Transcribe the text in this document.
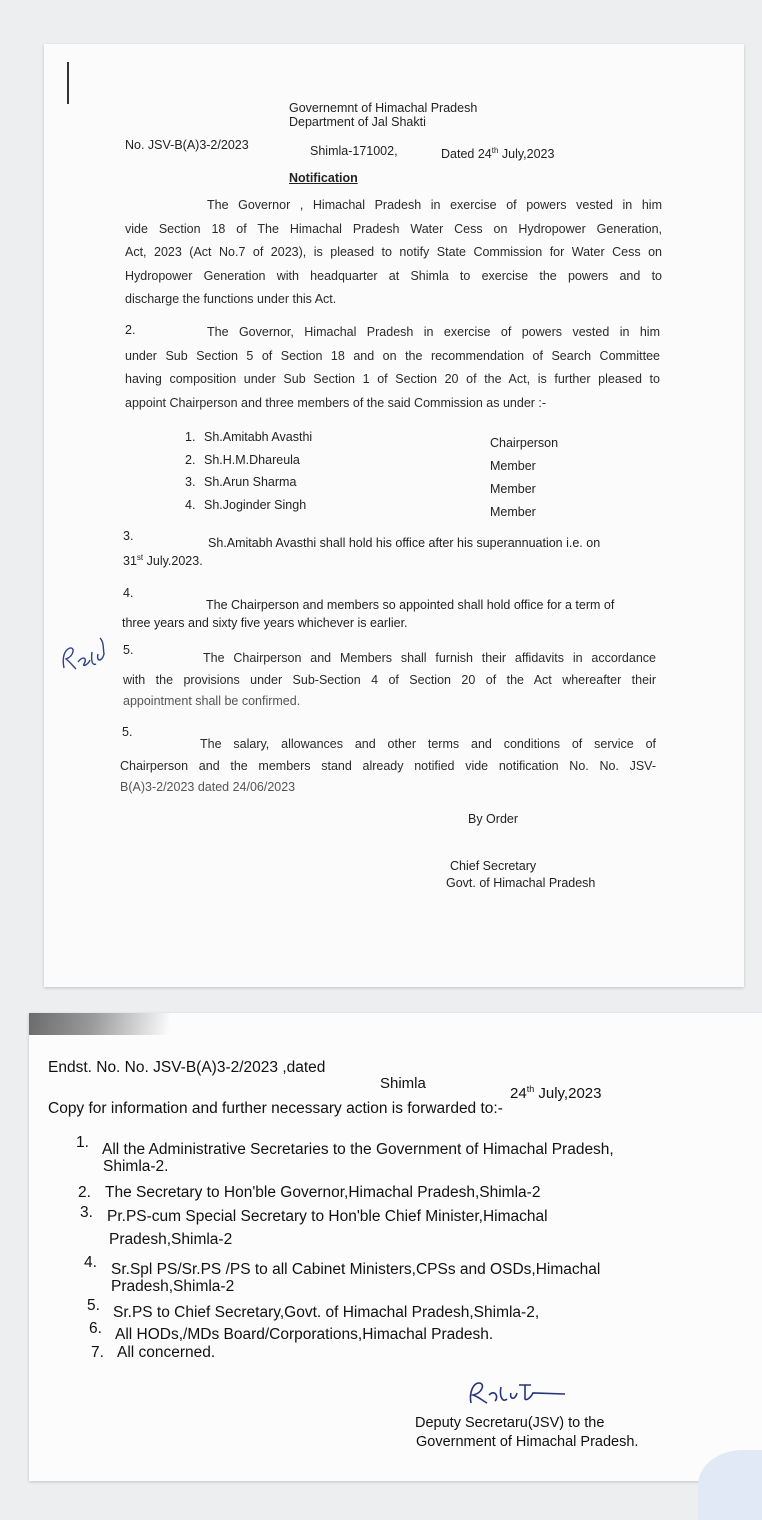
Governemnt of Himachal Pradesh
Department of Jal Shakti
No. JSV-B(A)3-2/2023	Shimla-171002,	Dated 24th July,2023
Notification
The Governor , Himachal Pradesh in exercise of powers vested in him
vide Section 18 of The Himachal Pradesh Water Cess on Hydropower Generation,
Act, 2023 (Act No.7 of 2023), is pleased to notify State Commission for Water Cess on
Hydropower Generation with headquarter at Shimla to exercise the powers and to
discharge the functions under this Act.
2.	The Governor, Himachal Pradesh in exercise of powers vested in him
under Sub Section 5 of Section 18 and on the recommendation of Search Committee
having composition under Sub Section 1 of Section 20 of the Act, is further pleased to
appoint Chairperson and three members of the said Commission as under :-
1. Sh.Amitabh Avasthi	Chairperson
2. Sh.H.M.Dhareula	Member
3. Sh.Arun Sharma	Member
4. Sh.Joginder Singh	Member
3.	Sh.Amitabh Avasthi shall hold his office after his superannuation i.e. on
31st July.2023.
4.
The Chairperson and members so appointed shall hold office for a term of
three years and sixty five years whichever is earlier.
5.
The Chairperson and Members shall furnish their affidavits in accordance
with the provisions under Sub-Section 4 of Section 20 of the Act whereafter their
appointment shall be confirmed.
5.
The salary, allowances and other terms and conditions of service of
Chairperson and the members stand already notified vide notification No. No. JSV-
B(A)3-2/2023 dated 24/06/2023
By Order
Chief Secretary
Govt. of Himachal Pradesh
Endst. No. No. JSV-B(A)3-2/2023 ,dated
Shimla
24th July,2023
Copy for information and further necessary action is forwarded to:-
1. All the Administrative Secretaries to the Government of Himachal Pradesh,
Shimla-2.
2. The Secretary to Hon'ble Governor,Himachal Pradesh,Shimla-2
3. Pr.PS-cum Special Secretary to Hon'ble Chief Minister,Himachal
Pradesh,Shimla-2
4. Sr.Spl PS/Sr.PS /PS to all Cabinet Ministers,CPSs and OSDs,Himachal
Pradesh,Shimla-2
5. Sr.PS to Chief Secretary,Govt. of Himachal Pradesh,Shimla-2,
6. All HODs,/MDs Board/Corporations,Himachal Pradesh.
7. All concerned.
Deputy Secretaru(JSV) to the
Government of Himachal Pradesh.
